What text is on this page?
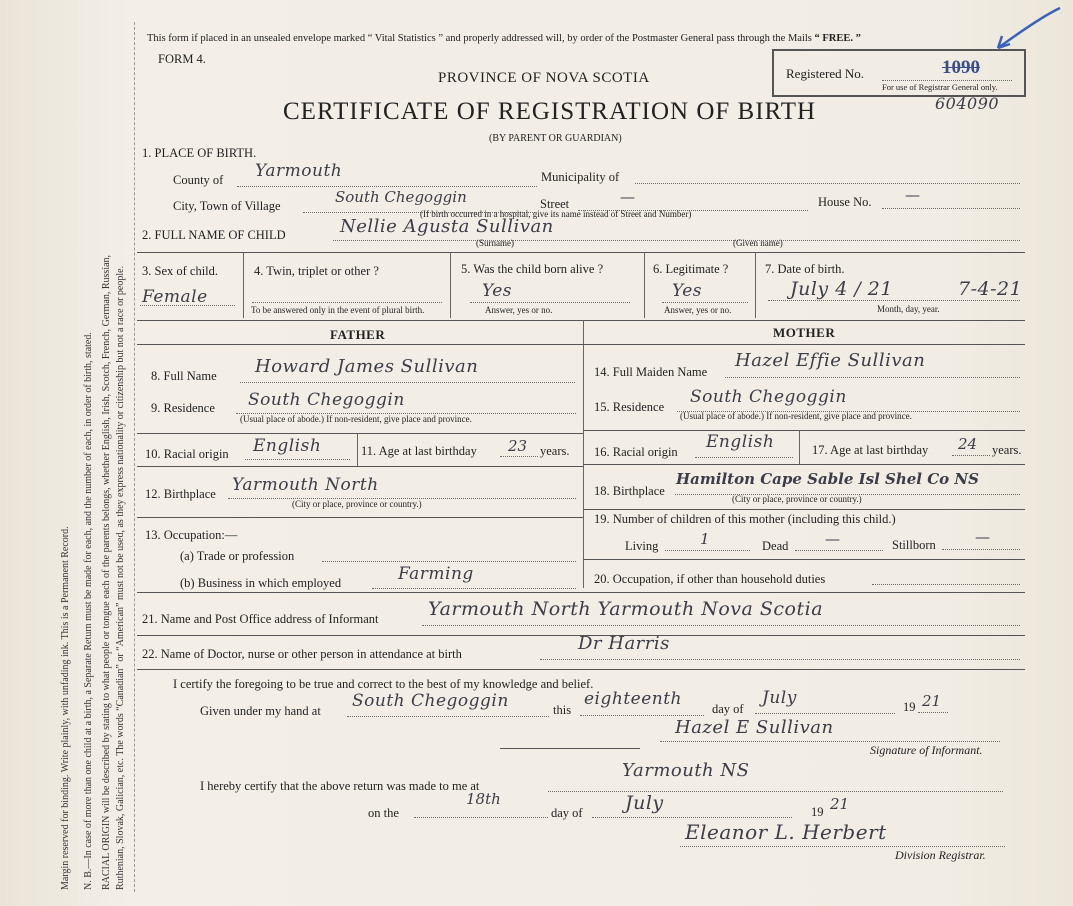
Margin reserved for binding. Write plainly, with unfading ink. This is a Permanent Record. N. B.—In case of more than one child at a birth, a Separate Return must be made for each, and the number of each, in order of birth, stated. RACIAL ORIGIN will be described by stating to what people or tongue each of the parents belongs, whether English, Irish, Scotch, French, German, Russian, Ruthenian, Slovak, Galician, etc. The words “Canadian” or “American” must not be used, as they express nationality or citizenship but not a race or people.
This form if placed in an unsealed envelope marked “ Vital Statistics ” and properly addressed will, by order of the Postmaster General pass through the Mails “ FREE. ”
FORM 4.
PROVINCE OF NOVA SCOTIA
CERTIFICATE OF REGISTRATION OF BIRTH
(BY PARENT OR GUARDIAN)
Registered No.	1090
For use of Registrar General only.
604090
1. PLACE OF BIRTH.
County of Yarmouth	Municipality of
City, Town of Village	South Chegoggin	Street	—	House No. —
(If birth occurred in a hospital, give its name instead of Street and Number)
2. FULL NAME OF CHILD	Nellie Agusta Sullivan
(Surname)	(Given name)
3. Sex of child.
Female
4. Twin, triplet or other ?
To be answered only in the event of plural birth.
5. Was the child born alive ?
Yes
Answer, yes or no.
6. Legitimate ?
Yes
Answer, yes or no.
7. Date of birth.
July 4 / 21	7-4-21
Month, day, year.
FATHER	MOTHER
8. Full Name Howard James Sullivan
9. Residence South Chegoggin
(Usual place of abode.) If non-resident, give place and province.
10. Racial origin English	11. Age at last birthday 23 years.
12. Birthplace Yarmouth North
(City or place, province or country.)
13. Occupation:—
(a) Trade or profession
(b) Business in which employed	Farming
14. Full Maiden Name
Hazel Effie Sullivan
15. Residence South Chegoggin
(Usual place of abode.) If non-resident, give place and province.
16. Racial origin English	17. Age at last birthday 24 years.
18. Birthplace
Hamilton Cape Sable Isl Shel Co NS
(City or place, province or country.)
19. Number of children of this mother (including this child.)
Living	1	Dead —	Stillborn	—
20. Occupation, if other than household duties
21. Name and Post Office address of Informant	Yarmouth North Yarmouth Nova Scotia
22. Name of Doctor, nurse or other person in attendance at birth	Dr Harris
I certify the foregoing to be true and correct to the best of my knowledge and belief.
Given under my hand at South Chegoggin	this
eighteenth day of
July	19 21
Hazel E Sullivan
Signature of Informant.
I hereby certify that the above return was made to me at
Yarmouth NS
on the
18th
day of July	19 21
Eleanor L. Herbert
Division Registrar.
